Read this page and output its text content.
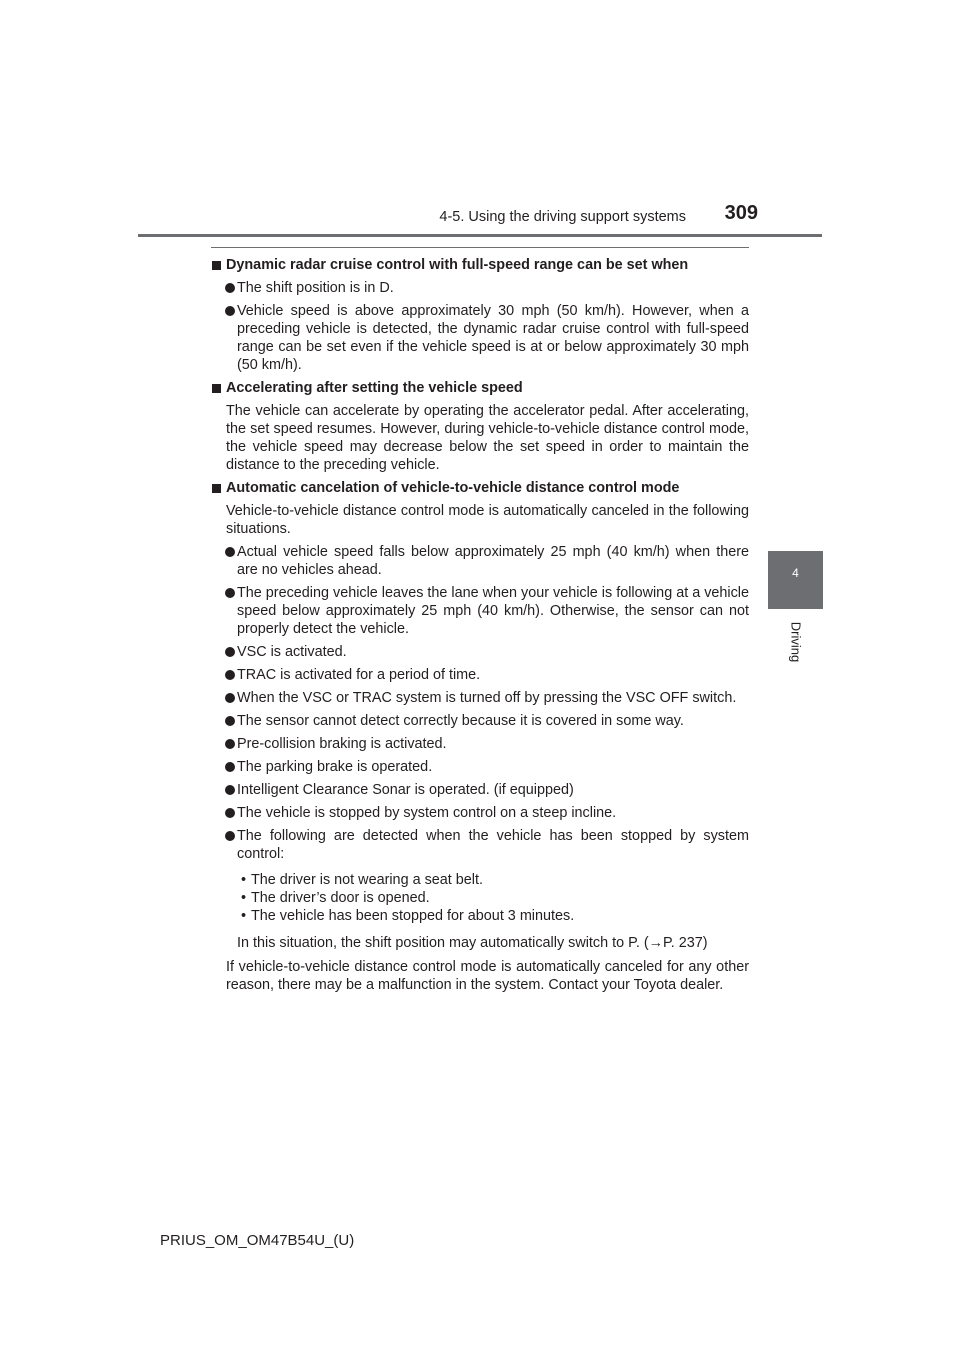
4-5. Using the driving support systems 309
4
Driving

Dynamic radar cruise control with full-speed range can be set when

The shift position is in D.

Vehicle speed is above approximately 30 mph (50 km/h). However, when a preceding vehicle is detected, the dynamic radar cruise control with full-speed range can be set even if the vehicle speed is at or below approximately 30 mph (50 km/h).

Accelerating after setting the vehicle speed

The vehicle can accelerate by operating the accelerator pedal. After accelerating, the set speed resumes. However, during vehicle-to-vehicle distance control mode, the vehicle speed may decrease below the set speed in order to maintain the distance to the preceding vehicle.

Automatic cancelation of vehicle-to-vehicle distance control mode

Vehicle-to-vehicle distance control mode is automatically canceled in the following situations.

Actual vehicle speed falls below approximately 25 mph (40 km/h) when there are no vehicles ahead.

The preceding vehicle leaves the lane when your vehicle is following at a vehicle speed below approximately 25 mph (40 km/h). Otherwise, the sensor can not properly detect the vehicle.

VSC is activated.

TRAC is activated for a period of time.

When the VSC or TRAC system is turned off by pressing the VSC OFF switch.

The sensor cannot detect correctly because it is covered in some way.

Pre-collision braking is activated.

The parking brake is operated.

Intelligent Clearance Sonar is operated. (if equipped)

The vehicle is stopped by system control on a steep incline.

The following are detected when the vehicle has been stopped by system control:

• The driver is not wearing a seat belt.

• The driver’s door is opened.

• The vehicle has been stopped for about 3 minutes.

In this situation, the shift position may automatically switch to P. (→P. 237)

If vehicle-to-vehicle distance control mode is automatically canceled for any other reason, there may be a malfunction in the system. Contact your Toyota dealer.

PRIUS_OM_OM47B54U_(U)
